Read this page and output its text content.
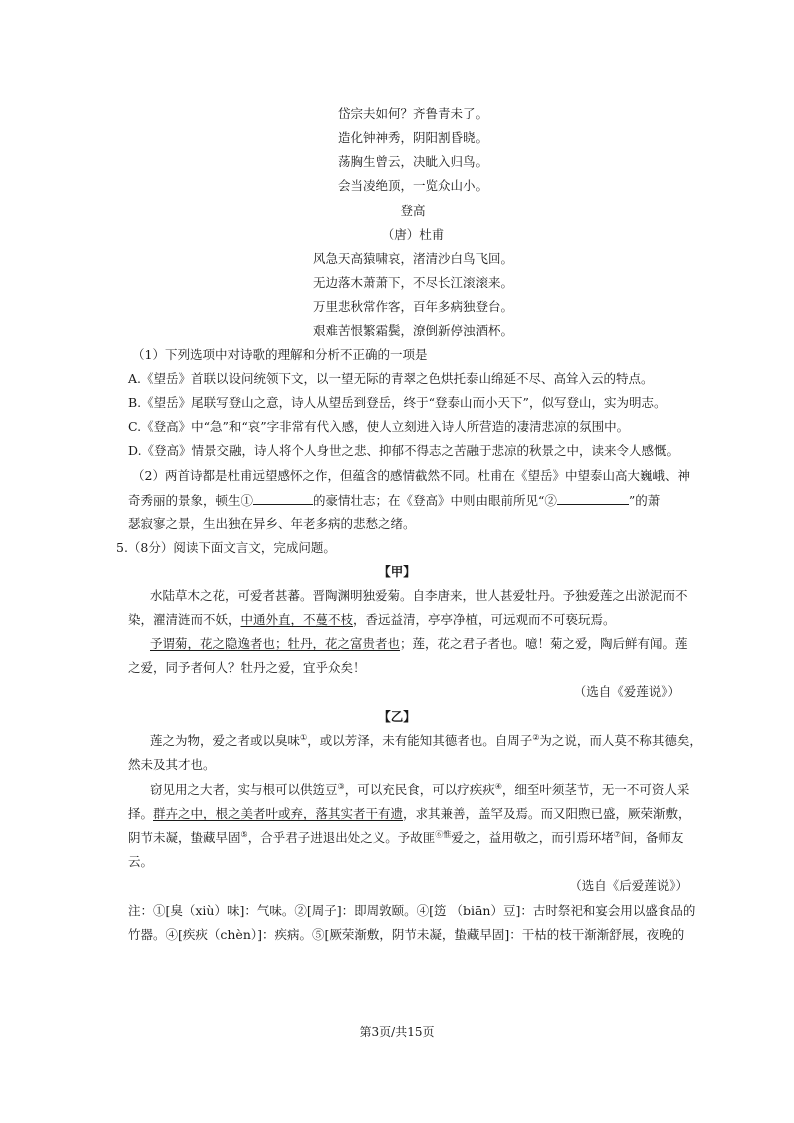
岱宗夫如何？齐鲁青未了。
造化钟神秀，阴阳割昏晓。
荡胸生曾云，决眦入归鸟。
会当凌绝顶，一览众山小。
登高
（唐）杜甫
风急天高猿啸哀，渚清沙白鸟飞回。
无边落木萧萧下，不尽长江滚滚来。
万里悲秋常作客，百年多病独登台。
艰难苦恨繁霜鬓，潦倒新停浊酒杯。
（1）下列选项中对诗歌的理解和分析不正确的一项是
A.《望岳》首联以设问统领下文，以一望无际的青翠之色烘托泰山绵延不尽、高耸入云的特点。
B.《望岳》尾联写登山之意，诗人从望岳到登岳，终于“登泰山而小天下”，似写登山，实为明志。
C.《登高》中“急”和“哀”字非常有代入感，使人立刻进入诗人所营造的凄清悲凉的氛围中。
D.《登高》情景交融，诗人将个人身世之悲、抑郁不得志之苦融于悲凉的秋景之中，读来令人感慨。
（2）两首诗都是杜甫远望感怀之作，但蕴含的感情截然不同。杜甫在《望岳》中望泰山高大巍峨、神
奇秀丽的景象，顿生①	的豪情壮志；在《登高》中则由眼前所见“②	”的萧
瑟寂寥之景，生出独在异乡、年老多病的悲愁之绪。
5.（8分）阅读下面文言文，完成问题。
【甲】
水陆草木之花，可爱者甚蕃。晋陶渊明独爱菊。自李唐来，世人甚爱牡丹。予独爱莲之出淤泥而不
染，濯清涟而不妖，中通外直，不蔓不枝，香远益清，亭亭净植，可远观而不可亵玩焉。
予谓菊，花之隐逸者也；牡丹，花之富贵者也；莲，花之君子者也。噫！菊之爱，陶后鲜有闻。莲
之爱，同予者何人？牡丹之爱，宜乎众矣！
（选自《爱莲说》）
【乙】
莲之为物，爱之者或以臭味①，或以芳泽，未有能知其德者也。自周子②为之说，而人莫不称其德矣，
然未及其才也。
窃见用之大者，实与根可以供笾豆③，可以充民食，可以疗疾疢④，细至叶须茎节，无一不可资人采
择。群卉之中，根之美者叶或弃，落其实者干有遗，求其兼善，盖罕及焉。而又阳煦已盛，厥荣渐敷，
阴节未凝，蛰藏早固⑤，合乎君子进退出处之义。予故匪$^{⑥惟}$爱之，益用敬之，而引焉环堵⑦间，备师友
云。
（选自《后爱莲说》）
注：①[臭（xiù）味]：气味。②[周子]：即周敦颐。④[笾 （biān）豆]：古时祭祀和宴会用以盛食品的
竹器。④[疾疢（chèn）]：疾病。⑤[厥荣渐敷，阴节未凝，蛰藏早固]：干枯的枝干渐渐舒展，夜晚的
第3页/共15页
